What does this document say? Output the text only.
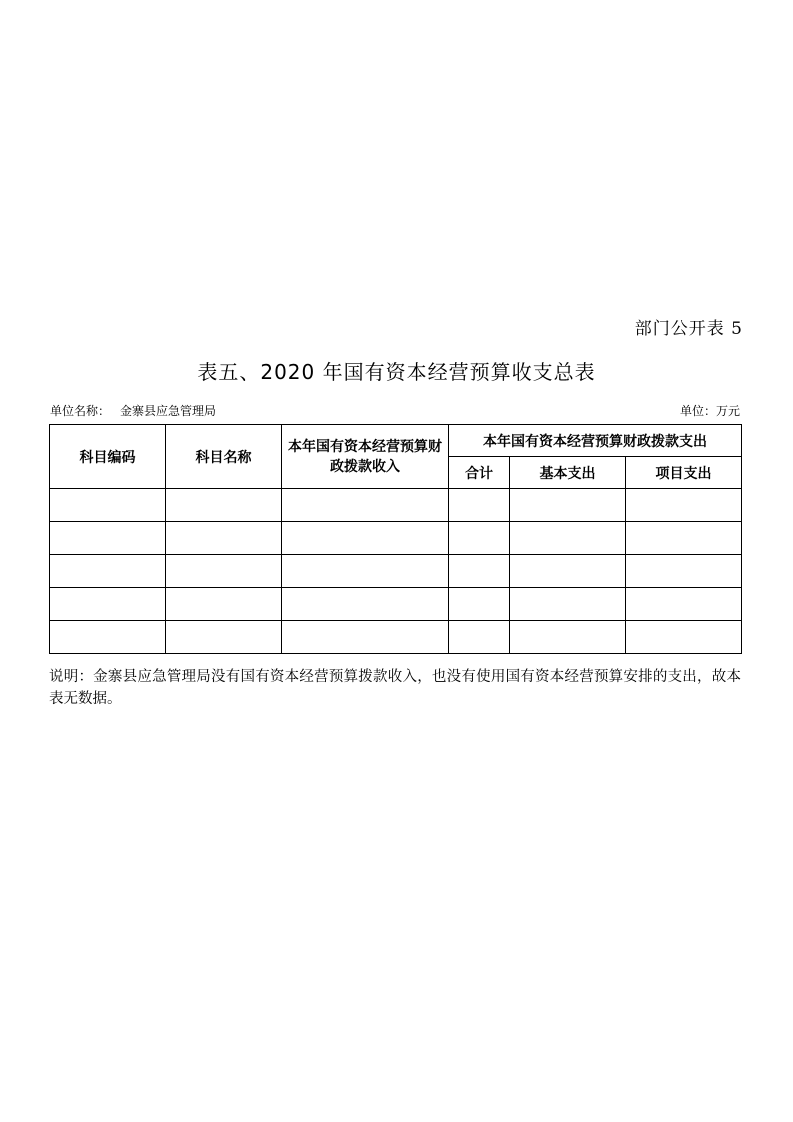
部门公开表 5
表五、2020 年国有资本经营预算收支总表
单位名称： 金寨县应急管理局	单位：万元
科目编码	科目名称	本年国有资本经营预算财政拨款收入	本年国有资本经营预算财政拨款支出		
			合计	基本支出	项目支出

说明：金寨县应急管理局没有国有资本经营预算拨款收入，也没有使用国有资本经营预算安排的支出，故本表无数据。
